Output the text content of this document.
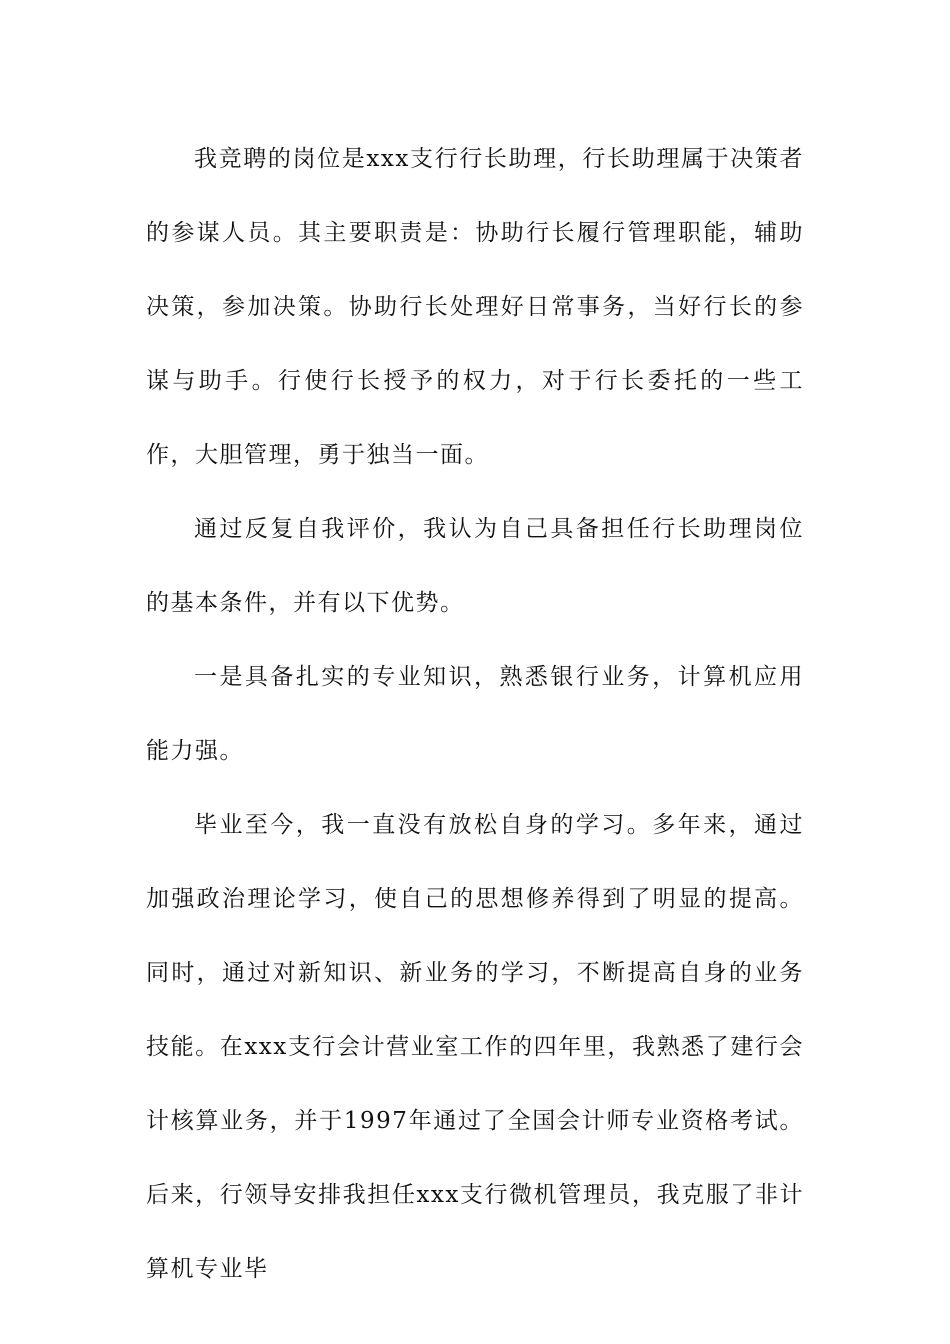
我竞聘的岗位是xxx支行行长助理，行长助理属于决策者的参谋人员。其主要职责是：协助行长履行管理职能，辅助决策，参加决策。协助行长处理好日常事务，当好行长的参谋与助手。行使行长授予的权力，对于行长委托的一些工作，大胆管理，勇于独当一面。

通过反复自我评价，我认为自己具备担任行长助理岗位的基本条件，并有以下优势。

一是具备扎实的专业知识，熟悉银行业务，计算机应用能力强。

毕业至今，我一直没有放松自身的学习。多年来，通过加强政治理论学习，使自己的思想修养得到了明显的提高。同时，通过对新知识、新业务的学习，不断提高自身的业务技能。在xxx支行会计营业室工作的四年里，我熟悉了建行会计核算业务，并于1997年通过了全国会计师专业资格考试。后来，行领导安排我担任xxx支行微机管理员，我克服了非计算机专业毕
